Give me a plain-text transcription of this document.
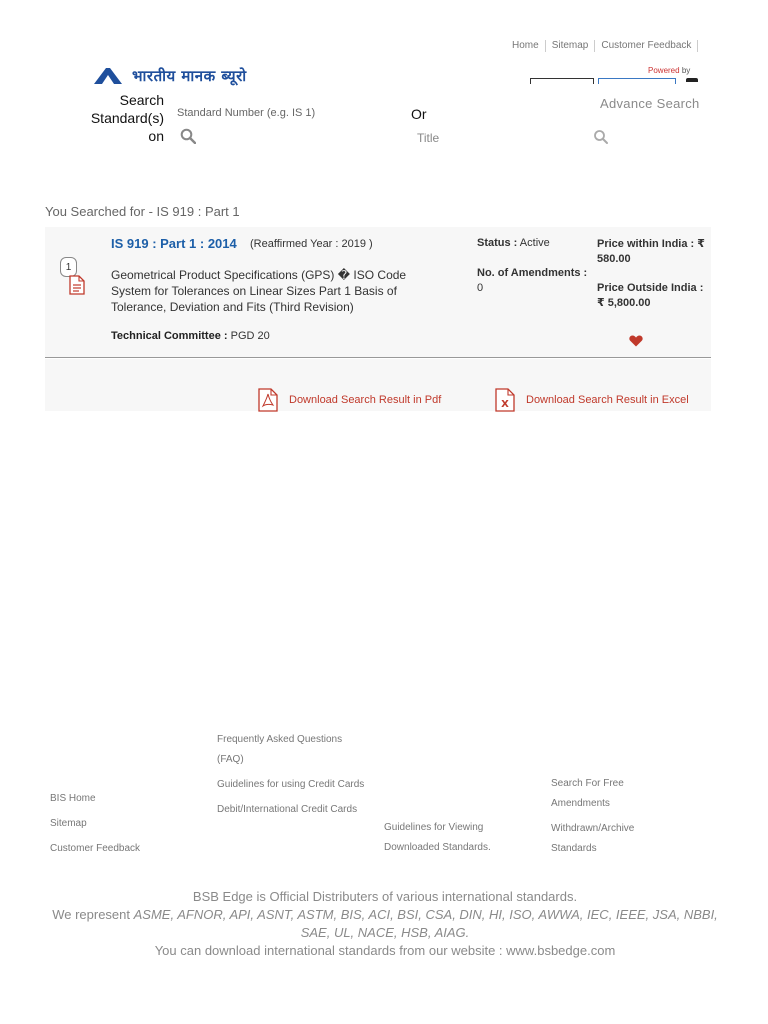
Home	Sitemap	Customer Feedback
भारतीय मानक ब्यूरो	Powered by
Search
Standard(s)
on
Standard Number (e.g. IS 1)
Or
Title
Advance Search
You Searched for - IS 919 : Part 1
1
IS 919 : Part 1 : 2014 (Reaffirmed Year : 2019 )
Geometrical Product Specifications (GPS) � ISO Code System for Tolerances on Linear Sizes Part 1 Basis of Tolerance, Deviation and Fits (Third Revision)
Technical Committee : PGD 20
Status : Active
No. of Amendments :
0
Price within India : ₹
580.00
Price Outside India :
₹ 5,800.00
Download Search Result in Pdf	X Download Search Result in Excel
BIS Home
Sitemap
Customer Feedback
Frequently Asked Questions (FAQ)
Guidelines for using Credit Cards
Debit/International Credit Cards
Guidelines for Viewing Downloaded Standards.
Search For Free Amendments
Withdrawn/Archive Standards
BSB Edge is Official Distributers of various international standards.
We represent ASME, AFNOR, API, ASNT, ASTM, BIS, ACI, BSI, CSA, DIN, HI, ISO, AWWA, IEC, IEEE, JSA, NBBI, SAE, UL, NACE, HSB, AIAG.
You can download international standards from our website : www.bsbedge.com
